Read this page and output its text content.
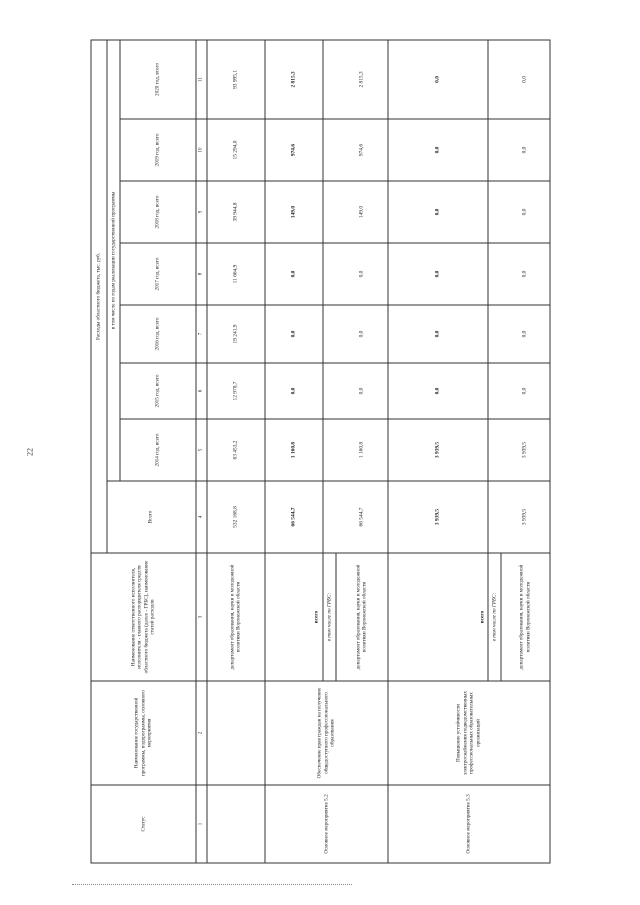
22
Статус	Наименование государственной программы, подпрограммы, основного мероприятия	Наименование ответственного исполнителя, исполнителя - главного распорядителя средств областного бюджета (далее - ГРБС), наименование статей расходов	Расходы областного бюджета, тыс. руб.							
			Всего	в том числе по годам реализации государственной программы						
				2014 год, всего	2015 год, всего	2016 год, всего	2017 год, всего	2018 год, всего	2019 год, всего	2020 год, всего
1	2	3	4	5	6	7	8	9	10	11
		департамент образования, науки и молодежной политики Воронежской области	532 168,8	63 453,2	12 978,7	19 241,9	11 664,9	39 944,8	15 294,0	93 995,1
Основное мероприятие 5.2	Обеспечение прав граждан на получение общедоступного профессионального образования	всего	66 544,7	1 160,8	0,0	0,0	0,0	149,0	974,6	2 815,3
		в том числе по ГРБС:								
		департамент образования, науки и молодежной политики Воронежской области	66 544,7	1 160,8	0,0	0,0	0,0	149,0	974,6	2 815,3
Основное мероприятие 5.3	Повышение устойчивости электроснабжения подведомственных профессиональных образовательных организаций	всего	3 939,5	3 939,5	0,0	0,0	0,0	0,0	0,0	0,0
		в том числе по ГРБС:								
		департамент образования, науки и молодежной политики Воронежской области	3 939,5	3 939,5	0,0	0,0	0,0	0,0	0,0	0,0
